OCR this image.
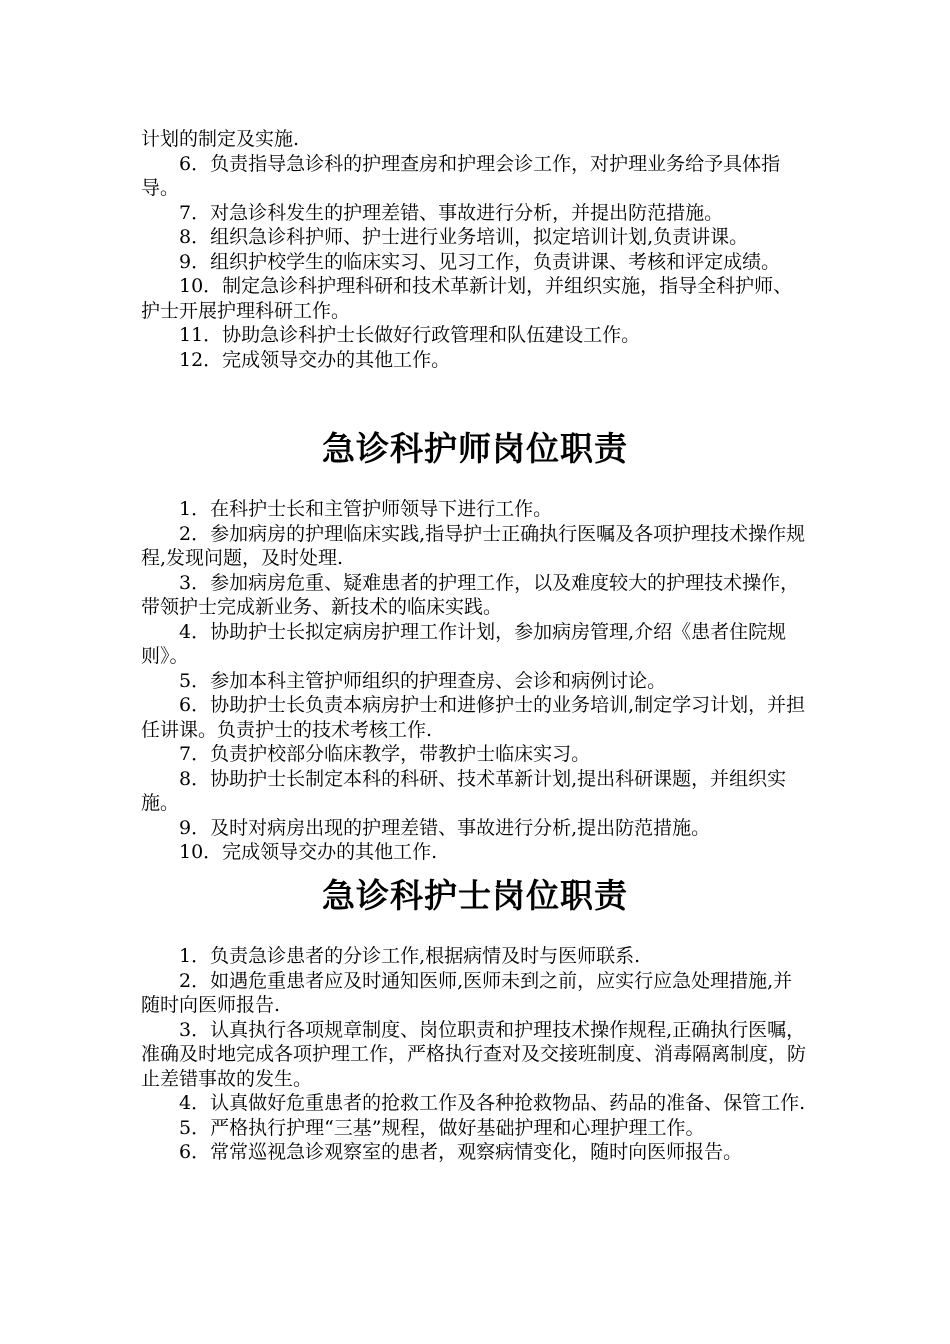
计划的制定及实施.

6．负责指导急诊科的护理查房和护理会诊工作，对护理业务给予具体指导。

7．对急诊科发生的护理差错、事故进行分析，并提出防范措施。

8．组织急诊科护师、护士进行业务培训，拟定培训计划,负责讲课。

9．组织护校学生的临床实习、见习工作，负责讲课、考核和评定成绩。

10．制定急诊科护理科研和技术革新计划，并组织实施，指导全科护师、护士开展护理科研工作。

11．协助急诊科护士长做好行政管理和队伍建设工作。

12．完成领导交办的其他工作。

急诊科护师岗位职责

1．在科护士长和主管护师领导下进行工作。

2．参加病房的护理临床实践,指导护士正确执行医嘱及各项护理技术操作规程,发现问题，及时处理.

3．参加病房危重、疑难患者的护理工作，以及难度较大的护理技术操作，带领护士完成新业务、新技术的临床实践。

4．协助护士长拟定病房护理工作计划，参加病房管理,介绍《患者住院规则》。

5．参加本科主管护师组织的护理查房、会诊和病例讨论。

6．协助护士长负责本病房护士和进修护士的业务培训,制定学习计划，并担任讲课。负责护士的技术考核工作.

7．负责护校部分临床教学，带教护士临床实习。

8．协助护士长制定本科的科研、技术革新计划,提出科研课题，并组织实施。

9．及时对病房出现的护理差错、事故进行分析,提出防范措施。

10．完成领导交办的其他工作.

急诊科护士岗位职责

1．负责急诊患者的分诊工作,根据病情及时与医师联系.

2．如遇危重患者应及时通知医师,医师未到之前，应实行应急处理措施,并随时向医师报告.

3．认真执行各项规章制度、岗位职责和护理技术操作规程,正确执行医嘱，准确及时地完成各项护理工作，严格执行查对及交接班制度、消毒隔离制度，防止差错事故的发生。

4．认真做好危重患者的抢救工作及各种抢救物品、药品的准备、保管工作.

5．严格执行护理“三基”规程，做好基础护理和心理护理工作。

6．常常巡视急诊观察室的患者，观察病情变化，随时向医师报告。
